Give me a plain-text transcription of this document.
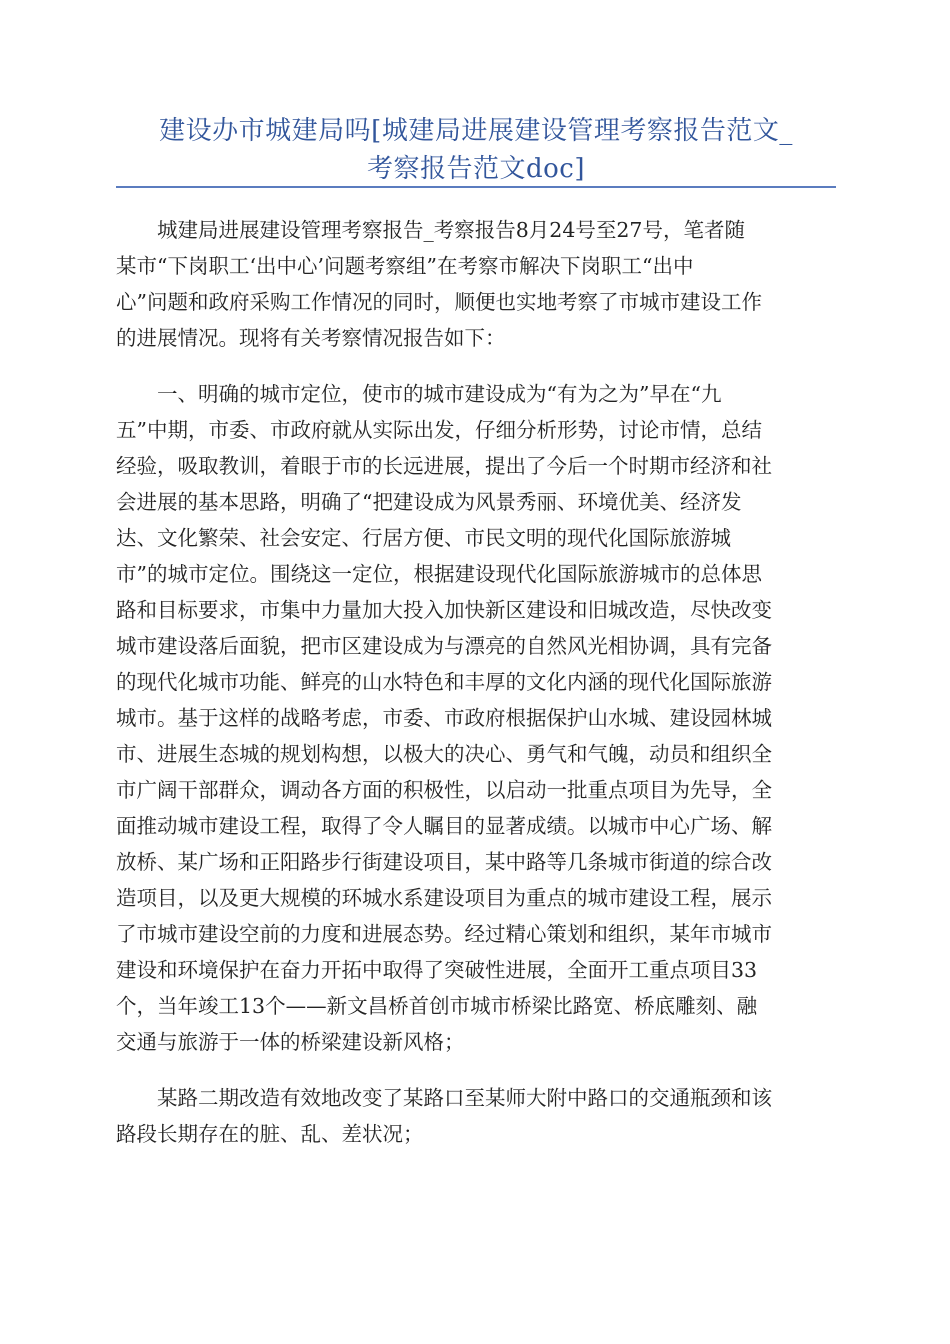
建设办市城建局吗[城建局进展建设管理考察报告范文_
考察报告范文doc]

城建局进展建设管理考察报告_考察报告8月24号至27号，笔者随
某市“下岗职工‘出中心’问题考察组”在考察市解决下岗职工“出中
心”问题和政府采购工作情况的同时，顺便也实地考察了市城市建设工作
的进展情况。现将有关考察情况报告如下：

一、明确的城市定位，使市的城市建设成为“有为之为”早在“九
五”中期，市委、市政府就从实际出发，仔细分析形势，讨论市情，总结
经验，吸取教训，着眼于市的长远进展，提出了今后一个时期市经济和社
会进展的基本思路，明确了“把建设成为风景秀丽、环境优美、经济发
达、文化繁荣、社会安定、行居方便、市民文明的现代化国际旅游城
市”的城市定位。围绕这一定位，根据建设现代化国际旅游城市的总体思
路和目标要求，市集中力量加大投入加快新区建设和旧城改造，尽快改变
城市建设落后面貌，把市区建设成为与漂亮的自然风光相协调，具有完备
的现代化城市功能、鲜亮的山水特色和丰厚的文化内涵的现代化国际旅游
城市。基于这样的战略考虑，市委、市政府根据保护山水城、建设园林城
市、进展生态城的规划构想，以极大的决心、勇气和气魄，动员和组织全
市广阔干部群众，调动各方面的积极性，以启动一批重点项目为先导，全
面推动城市建设工程，取得了令人瞩目的显著成绩。以城市中心广场、解
放桥、某广场和正阳路步行街建设项目，某中路等几条城市街道的综合改
造项目，以及更大规模的环城水系建设项目为重点的城市建设工程，展示
了市城市建设空前的力度和进展态势。经过精心策划和组织，某年市城市
建设和环境保护在奋力开拓中取得了突破性进展，全面开工重点项目33
个，当年竣工13个——新文昌桥首创市城市桥梁比路宽、桥底雕刻、融
交通与旅游于一体的桥梁建设新风格；

某路二期改造有效地改变了某路口至某师大附中路口的交通瓶颈和该
路段长期存在的脏、乱、差状况；
